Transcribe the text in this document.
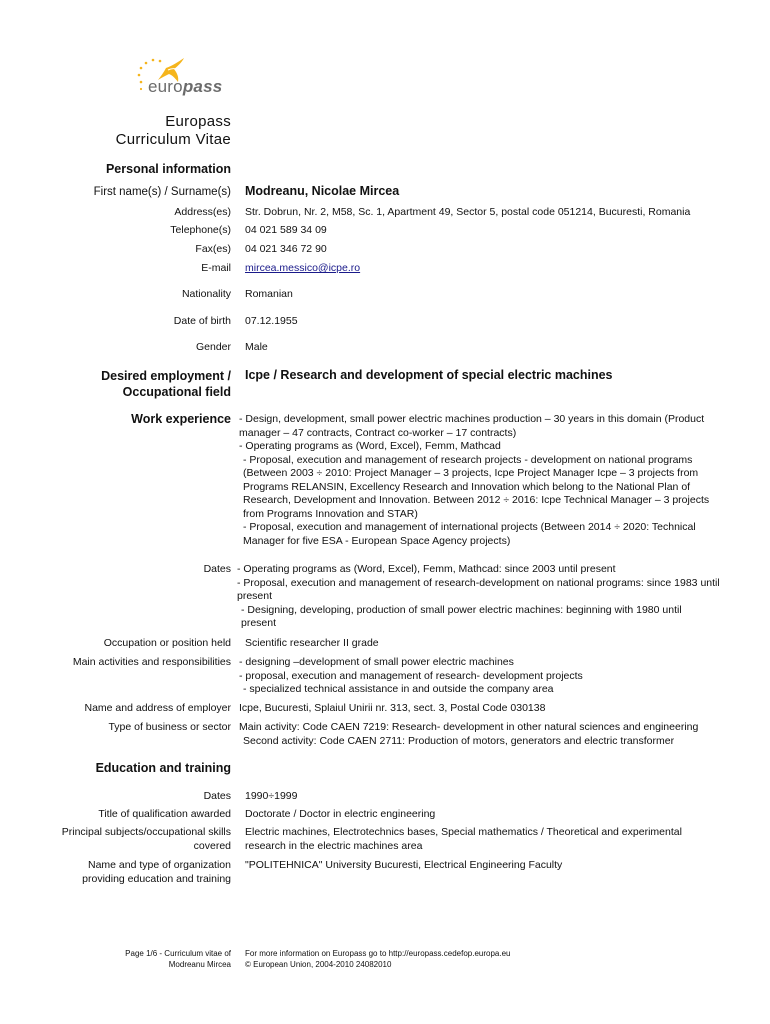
europass
Europass
Curriculum Vitae
Personal information
First name(s) / Surname(s) Modreanu, Nicolae Mircea
Address(es) Str. Dobrun, Nr. 2, M58, Sc. 1, Apartment 49, Sector 5, postal code 051214, Bucuresti, Romania
Telephone(s) 04 021 589 34 09
Fax(es) 04 021 346 72 90
E-mail mircea.messico@icpe.ro
Nationality Romanian
Date of birth 07.12.1955
Gender Male
Desired employment /
Occupational field
Icpe / Research and development of special electric machines
Work experience - Design, development, small power electric machines production – 30 years in this domain (Product
manager – 47 contracts, Contract co-worker – 17 contracts)
- Operating programs as (Word, Excel), Femm, Mathcad
- Proposal, execution and management of research projects - development on national programs
(Between 2003 ÷ 2010: Project Manager – 3 projects, Icpe Project Manager Icpe – 3 projects from
Programs RELANSIN, Excellency Research and Innovation which belong to the National Plan of
Research, Development and Innovation. Between 2012 ÷ 2016: Icpe Technical Manager – 3 projects
from Programs Innovation and STAR)
- Proposal, execution and management of international projects (Between 2014 ÷ 2020: Technical
Manager for five ESA - European Space Agency projects)
Dates - Operating programs as (Word, Excel), Femm, Mathcad: since 2003 until present
- Proposal, execution and management of research-development on national programs: since 1983 until
present
- Designing, developing, production of small power electric machines: beginning with 1980 until
present
Occupation or position held Scientific researcher II grade
Main activities and responsibilities - designing –development of small power electric machines
- proposal, execution and management of research- development projects
- specialized technical assistance in and outside the company area
Name and address of employer Icpe, Bucuresti, Splaiul Unirii nr. 313, sect. 3, Postal Code 030138
Type of business or sector Main activity: Code CAEN 7219: Research- development in other natural sciences and engineering
Second activity: Code CAEN 2711: Production of motors, generators and electric transformer
Education and training
Dates 1990÷1999
Title of qualification awarded Doctorate / Doctor in electric engineering
Principal subjects/occupational skills
covered
Electric machines, Electrotechnics bases, Special mathematics / Theoretical and experimental
research in the electric machines area
Name and type of organization
providing education and training
"POLITEHNICA" University Bucuresti, Electrical Engineering Faculty
Page 1/6 - Curriculum vitae of
Modreanu Mircea
For more information on Europass go to http://europass.cedefop.europa.eu
© European Union, 2004-2010 24082010
